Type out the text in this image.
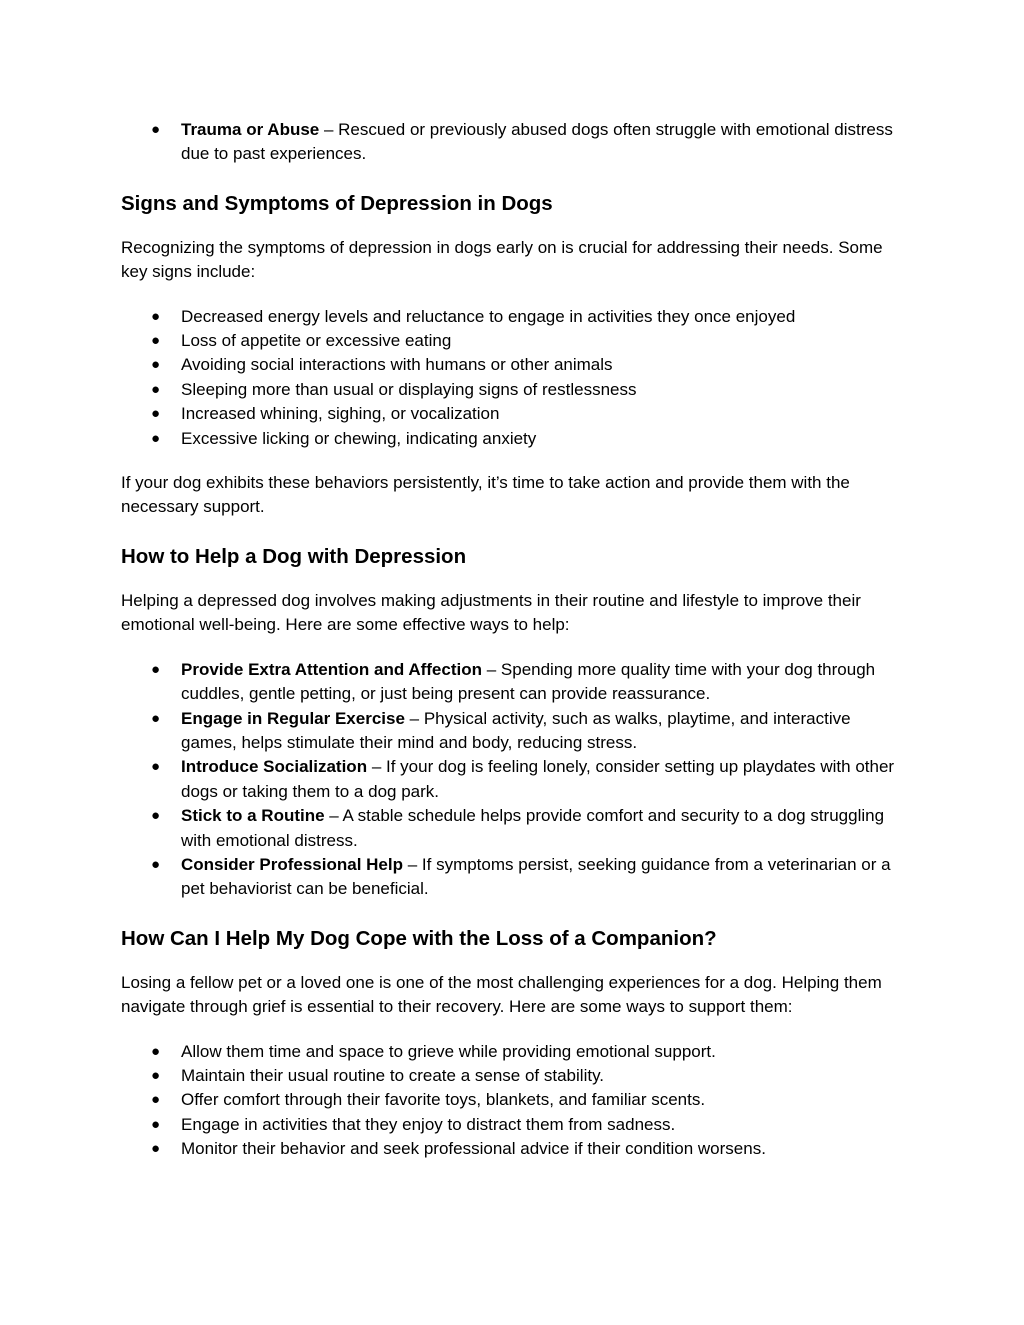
● Trauma or Abuse – Rescued or previously abused dogs often struggle with emotional distress due to past experiences.
Signs and Symptoms of Depression in Dogs

Recognizing the symptoms of depression in dogs early on is crucial for addressing their needs. Some key signs include:

● Decreased energy levels and reluctance to engage in activities they once enjoyed
● Loss of appetite or excessive eating
● Avoiding social interactions with humans or other animals
● Sleeping more than usual or displaying signs of restlessness
● Increased whining, sighing, or vocalization
● Excessive licking or chewing, indicating anxiety

If your dog exhibits these behaviors persistently, it’s time to take action and provide them with the necessary support.

How to Help a Dog with Depression

Helping a depressed dog involves making adjustments in their routine and lifestyle to improve their emotional well-being. Here are some effective ways to help:

● Provide Extra Attention and Affection – Spending more quality time with your dog through cuddles, gentle petting, or just being present can provide reassurance.
● Engage in Regular Exercise – Physical activity, such as walks, playtime, and interactive games, helps stimulate their mind and body, reducing stress.
● Introduce Socialization – If your dog is feeling lonely, consider setting up playdates with other dogs or taking them to a dog park.
● Stick to a Routine – A stable schedule helps provide comfort and security to a dog struggling with emotional distress.
● Consider Professional Help – If symptoms persist, seeking guidance from a veterinarian or a pet behaviorist can be beneficial.
How Can I Help My Dog Cope with the Loss of a Companion?

Losing a fellow pet or a loved one is one of the most challenging experiences for a dog. Helping them navigate through grief is essential to their recovery. Here are some ways to support them:

● Allow them time and space to grieve while providing emotional support.
● Maintain their usual routine to create a sense of stability.
● Offer comfort through their favorite toys, blankets, and familiar scents.
● Engage in activities that they enjoy to distract them from sadness.
● Monitor their behavior and seek professional advice if their condition worsens.
